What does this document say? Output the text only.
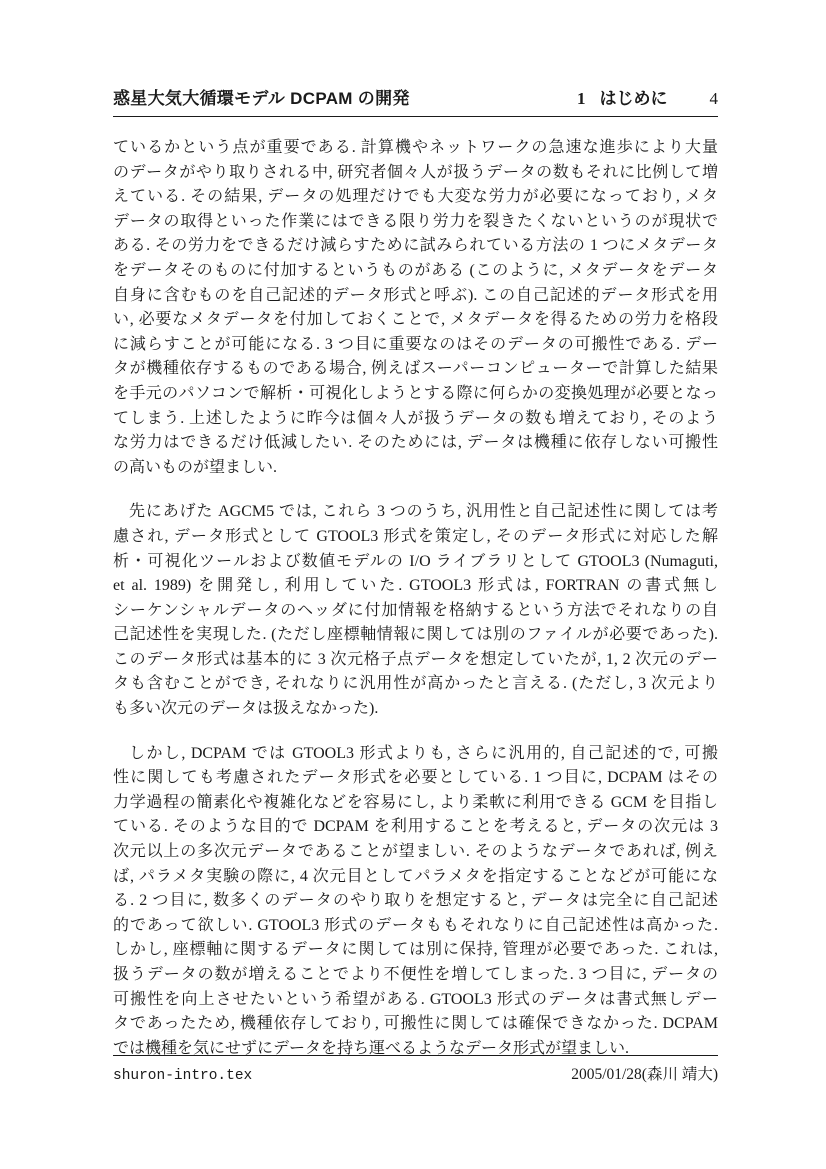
惑星大気大循環モデル DCPAM の開発	1 はじめに 4
ているかという点が重要である. 計算機やネットワークの急速な進歩により大量
のデータがやり取りされる中, 研究者個々人が扱うデータの数もそれに比例して増
えている. その結果, データの処理だけでも大変な労力が必要になっており, メタ
データの取得といった作業にはできる限り労力を裂きたくないというのが現状で
ある. その労力をできるだけ減らすために試みられている方法の 1 つにメタデータ
をデータそのものに付加するというものがある (このように, メタデータをデータ
自身に含むものを自己記述的データ形式と呼ぶ). この自己記述的データ形式を用
い, 必要なメタデータを付加しておくことで, メタデータを得るための労力を格段
に減らすことが可能になる. 3 つ目に重要なのはそのデータの可搬性である. デー
タが機種依存するものである場合, 例えばスーパーコンピューターで計算した結果
を手元のパソコンで解析・可視化しようとする際に何らかの変換処理が必要となっ
てしまう. 上述したように昨今は個々人が扱うデータの数も増えており, そのよう
な労力はできるだけ低減したい. そのためには, データは機種に依存しない可搬性
の高いものが望ましい.
先にあげた AGCM5 では, これら 3 つのうち, 汎用性と自己記述性に関しては考
慮され, データ形式として GTOOL3 形式を策定し, そのデータ形式に対応した解
析・可視化ツールおよび数値モデルの I/O ライブラリとして GTOOL3 (Numaguti,
et al. 1989) を開発し, 利用していた. GTOOL3 形式は, FORTRAN の書式無し
シーケンシャルデータのヘッダに付加情報を格納するという方法でそれなりの自
己記述性を実現した. (ただし座標軸情報に関しては別のファイルが必要であった).
このデータ形式は基本的に 3 次元格子点データを想定していたが, 1, 2 次元のデー
タも含むことができ, それなりに汎用性が高かったと言える. (ただし, 3 次元より
も多い次元のデータは扱えなかった).
しかし, DCPAM では GTOOL3 形式よりも, さらに汎用的, 自己記述的で, 可搬
性に関しても考慮されたデータ形式を必要としている. 1 つ目に, DCPAM はその
力学過程の簡素化や複雑化などを容易にし, より柔軟に利用できる GCM を目指し
ている. そのような目的で DCPAM を利用することを考えると, データの次元は 3
次元以上の多次元データであることが望ましい. そのようなデータであれば, 例え
ば, パラメタ実験の際に, 4 次元目としてパラメタを指定することなどが可能にな
る. 2 つ目に, 数多くのデータのやり取りを想定すると, データは完全に自己記述
的であって欲しい. GTOOL3 形式のデータももそれなりに自己記述性は高かった.
しかし, 座標軸に関するデータに関しては別に保持, 管理が必要であった. これは,
扱うデータの数が増えることでより不便性を増してしまった. 3 つ目に, データの
可搬性を向上させたいという希望がある. GTOOL3 形式のデータは書式無しデー
タであったため, 機種依存しており, 可搬性に関しては確保できなかった. DCPAM
では機種を気にせずにデータを持ち運べるようなデータ形式が望ましい.
shuron-intro.tex	2005/01/28(森川 靖大)
